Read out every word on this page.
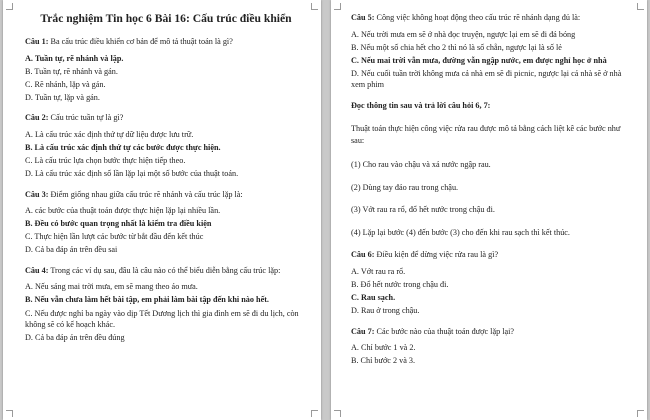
Trắc nghiệm Tin học 6 Bài 16: Cấu trúc điều khiển
Câu 1: Ba cấu trúc điều khiển cơ bản để mô tả thuật toán là gì?
A. Tuần tự, rẽ nhánh và lặp.
B. Tuần tự, rẽ nhánh và gán.
C. Rẽ nhánh, lặp và gán.
D. Tuần tự, lặp và gán.
Câu 2: Cấu trúc tuần tự là gì?
A. Là cấu trúc xác định thứ tự dữ liệu được lưu trữ.
B. Là cấu trúc xác định thứ tự các bước được thực hiện.
C. Là cấu trúc lựa chọn bước thực hiện tiếp theo.
D. Là cấu trúc xác định số lần lặp lại một số bước của thuật toán.
Câu 3: Điểm giống nhau giữa cấu trúc rẽ nhánh và cấu trúc lặp là:
A. các bước của thuật toán được thực hiện lặp lại nhiều lần.
B. Đều có bước quan trọng nhất là kiểm tra điều kiện
C. Thực hiện lần lượt các bước từ bắt đầu đến kết thúc
D. Cả ba đáp án trên đều sai
Câu 4: Trong các ví dụ sau, đâu là câu nào có thể biểu diễn bằng cấu trúc lặp:
A. Nếu sáng mai trời mưa, em sẽ mang theo áo mưa.
B. Nếu vẫn chưa làm hết bài tập, em phải làm bài tập đến khi nào hết.
C. Nếu được nghỉ ba ngày vào dịp Tết Dương lịch thì gia đình em sẽ đi du lịch, còn không sẽ có kế hoạch khác.
D. Cả ba đáp án trên đều đúng
Câu 5: Công việc không hoạt động theo cấu trúc rẽ nhánh dạng đủ là:
A. Nếu trời mưa em sẽ ở nhà đọc truyện, ngược lại em sẽ đi đá bóng
B. Nếu một số chia hết cho 2 thì nó là số chẵn, ngược lại là số lẻ
C. Nếu mai trời vẫn mưa, đường vẫn ngập nước, em được nghỉ học ở nhà
D. Nếu cuối tuần trời không mưa cả nhà em sẽ đi picnic, ngược lại cả nhà sẽ ở nhà xem phim
Đọc thông tin sau và trả lời câu hỏi 6, 7:
Thuật toán thực hiện công việc rửa rau được mô tả bằng cách liệt kê các bước như sau:
(1) Cho rau vào chậu và xả nước ngập rau.
(2) Dùng tay đảo rau trong chậu.
(3) Vớt rau ra rổ, đổ hết nước trong chậu đi.
(4) Lặp lại bước (4) đến bước (3) cho đến khi rau sạch thì kết thúc.
Câu 6: Điều kiện để dừng việc rửa rau là gì?
A. Vớt rau ra rổ.
B. Đổ hết nước trong chậu đi.
C. Rau sạch.
D. Rau ở trong chậu.
Câu 7: Các bước nào của thuật toán được lặp lại?
A. Chỉ bước 1 và 2.
B. Chỉ bước 2 và 3.
